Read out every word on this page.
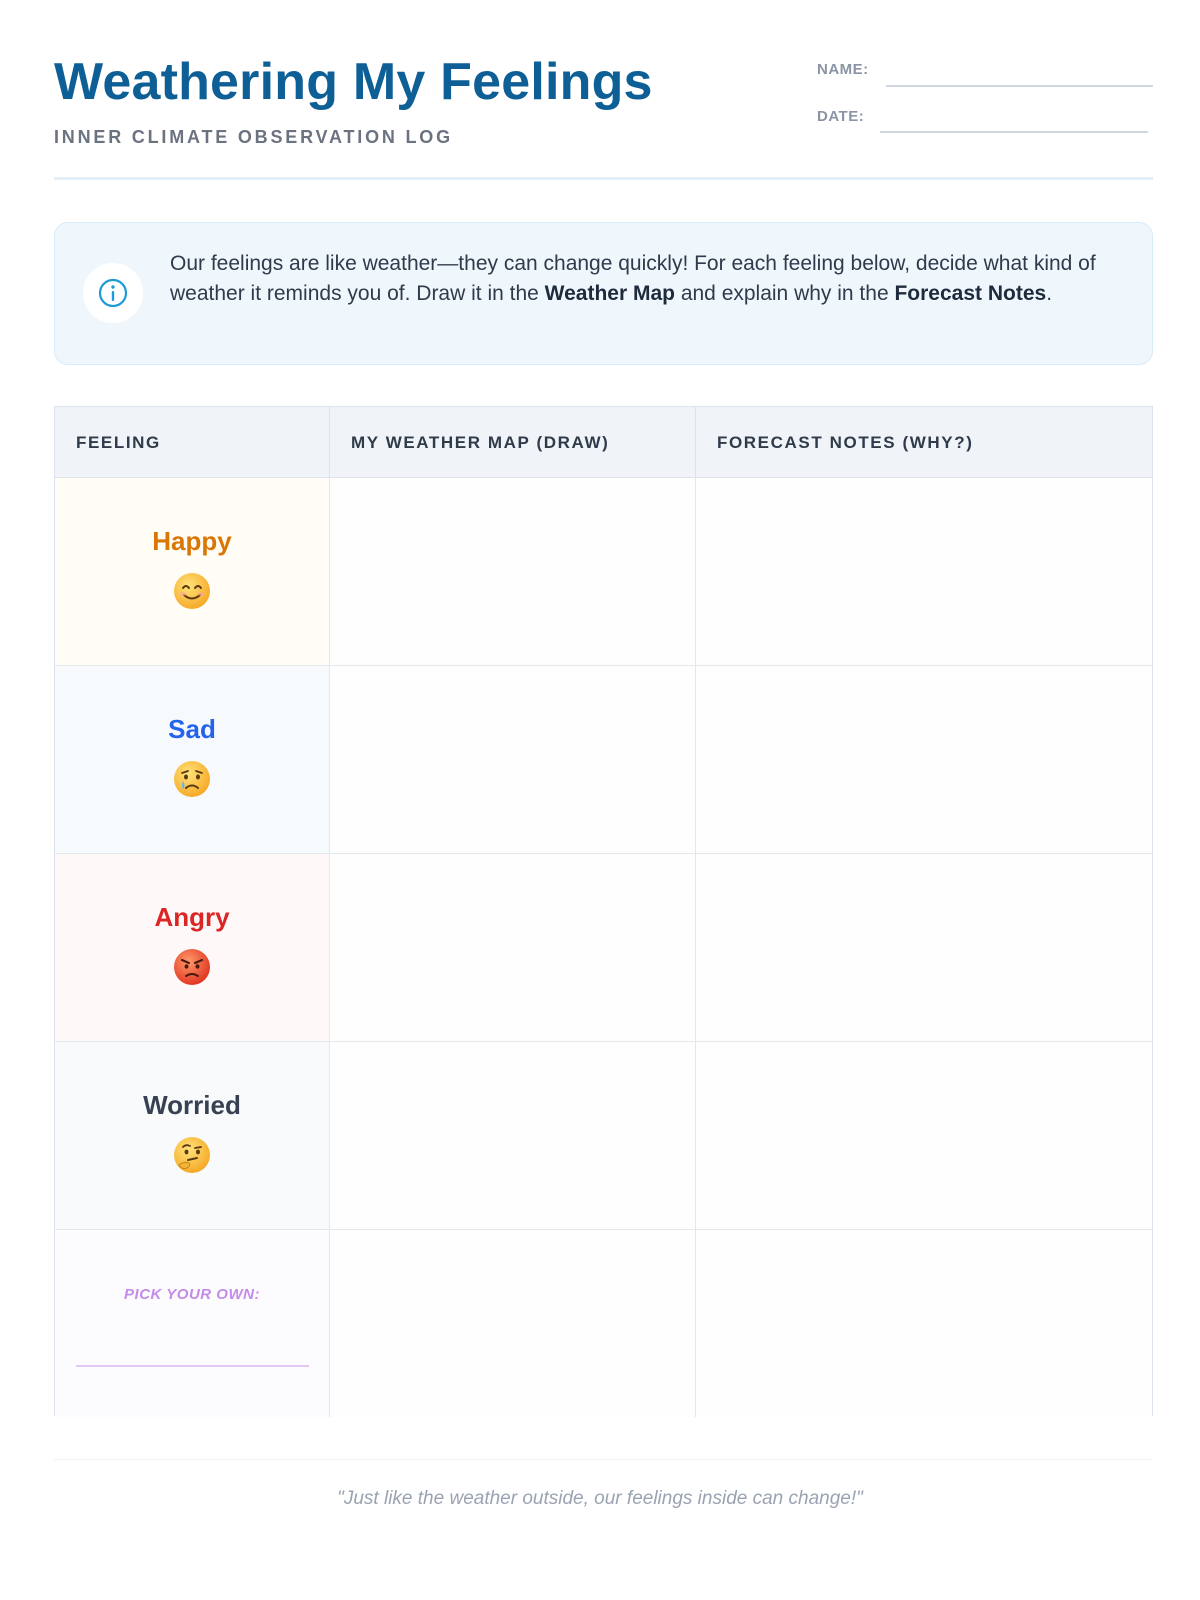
Weathering My Feelings
INNER CLIMATE OBSERVATION LOG
NAME:
DATE:

Our feelings are like weather—they can change quickly! For each feeling below, decide what kind of weather it reminds you of. Draw it in the Weather Map and explain why in the Forecast Notes.

FEELING	MY WEATHER MAP (DRAW)	FORECAST NOTES (WHY?)
Happy
Sad
Angry
Worried
PICK YOUR OWN:
"Just like the weather outside, our feelings inside can change!"
